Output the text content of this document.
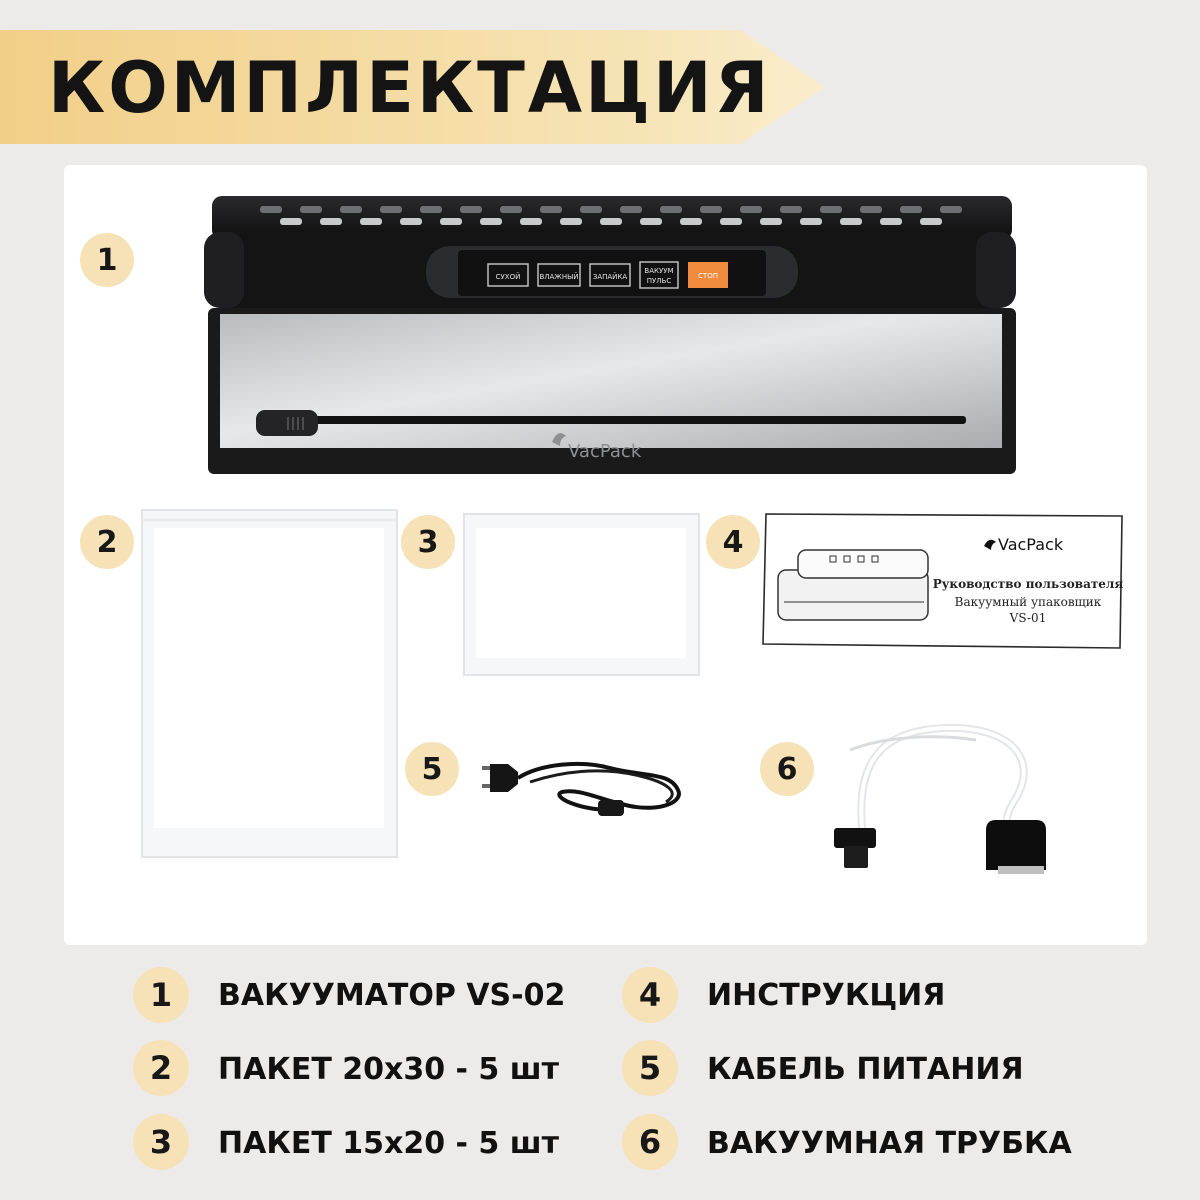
КОМПЛЕКТАЦИЯ
1
2	3	4
5	6
СУХОЙ	ВЛАЖНЫЙ ЗАПАЙКА
ВАКУУМ
ПУЛЬС
СТОП
VacPack
VacPack
Руководство пользователя
Вакуумный упаковщик
VS-01
1	ВАКУУМАТОР VS-02
2	ПАКЕТ 20x30 - 5 шт
3	ПАКЕТ 15x20 - 5 шт
4	ИНСТРУКЦИЯ
5	КАБЕЛЬ ПИТАНИЯ
6	ВАКУУМНАЯ ТРУБКА
